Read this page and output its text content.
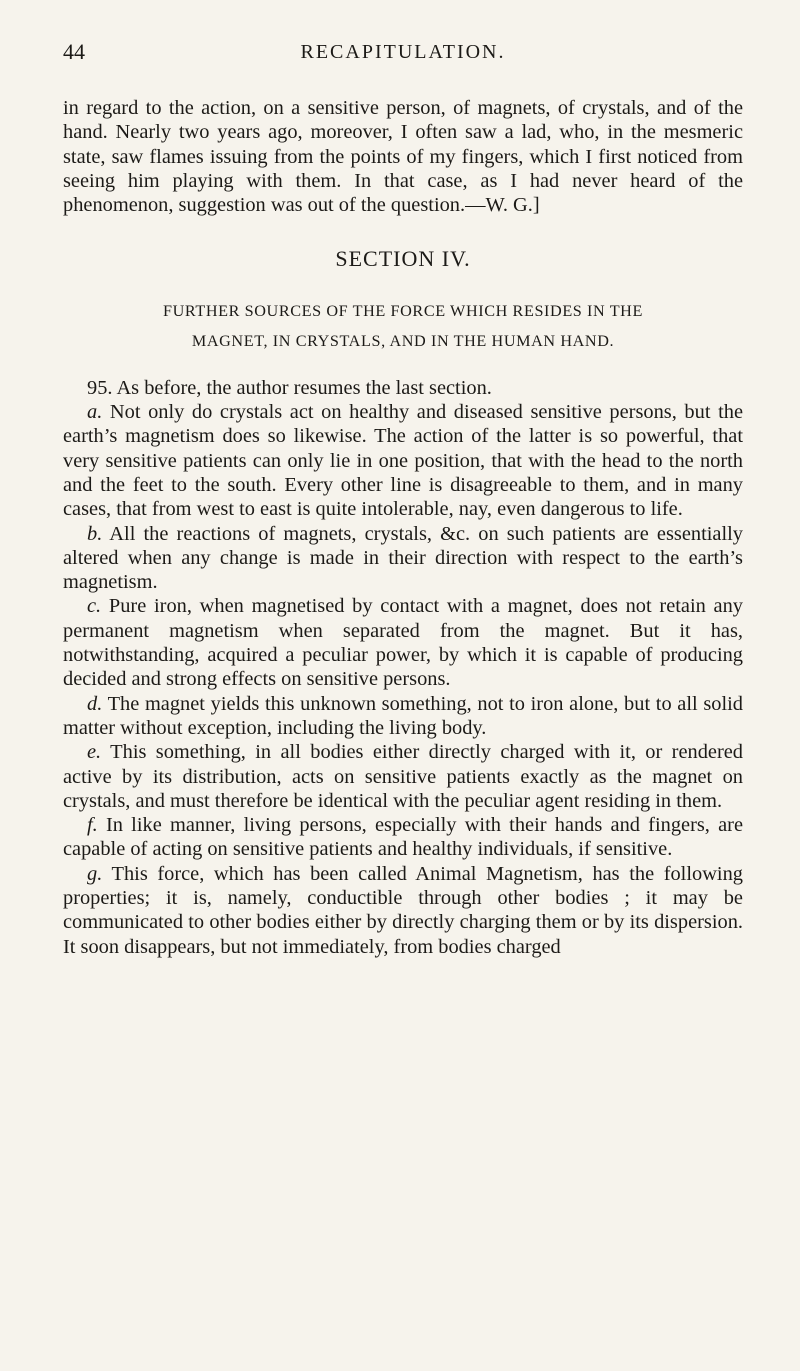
44	RECAPITULATION.

in regard to the action, on a sensitive person, of magnets, of crystals, and of the hand. Nearly two years ago, moreover, I often saw a lad, who, in the mesmeric state, saw flames issuing from the points of my fingers, which I first noticed from seeing him playing with them. In that case, as I had never heard of the phenomenon, suggestion was out of the question.—W. G.]

SECTION IV.
FURTHER SOURCES OF THE FORCE WHICH RESIDES IN THE
MAGNET, IN CRYSTALS, AND IN THE HUMAN HAND.

95. As before, the author resumes the last section.

a. Not only do crystals act on healthy and diseased sensitive persons, but the earth’s magnetism does so likewise. The action of the latter is so powerful, that very sensitive patients can only lie in one position, that with the head to the north and the feet to the south. Every other line is disagreeable to them, and in many cases, that from west to east is quite intolerable, nay, even dangerous to life.

b. All the reactions of magnets, crystals, &c. on such patients are essentially altered when any change is made in their direction with respect to the earth’s magnetism.

c. Pure iron, when magnetised by contact with a magnet, does not retain any permanent magnetism when separated from the magnet. But it has, notwithstanding, acquired a peculiar power, by which it is capable of producing decided and strong effects on sensitive persons.

d. The magnet yields this unknown something, not to iron alone, but to all solid matter without exception, including the living body.

e. This something, in all bodies either directly charged with it, or rendered active by its distribution, acts on sensitive patients exactly as the magnet on crystals, and must therefore be identical with the peculiar agent residing in them.

f. In like manner, living persons, especially with their hands and fingers, are capable of acting on sensitive patients and healthy individuals, if sensitive.

g. This force, which has been called Animal Magnetism, has the following properties; it is, namely, conductible through other bodies ; it may be communicated to other bodies either by directly charging them or by its dispersion. It soon disappears, but not immediately, from bodies charged
